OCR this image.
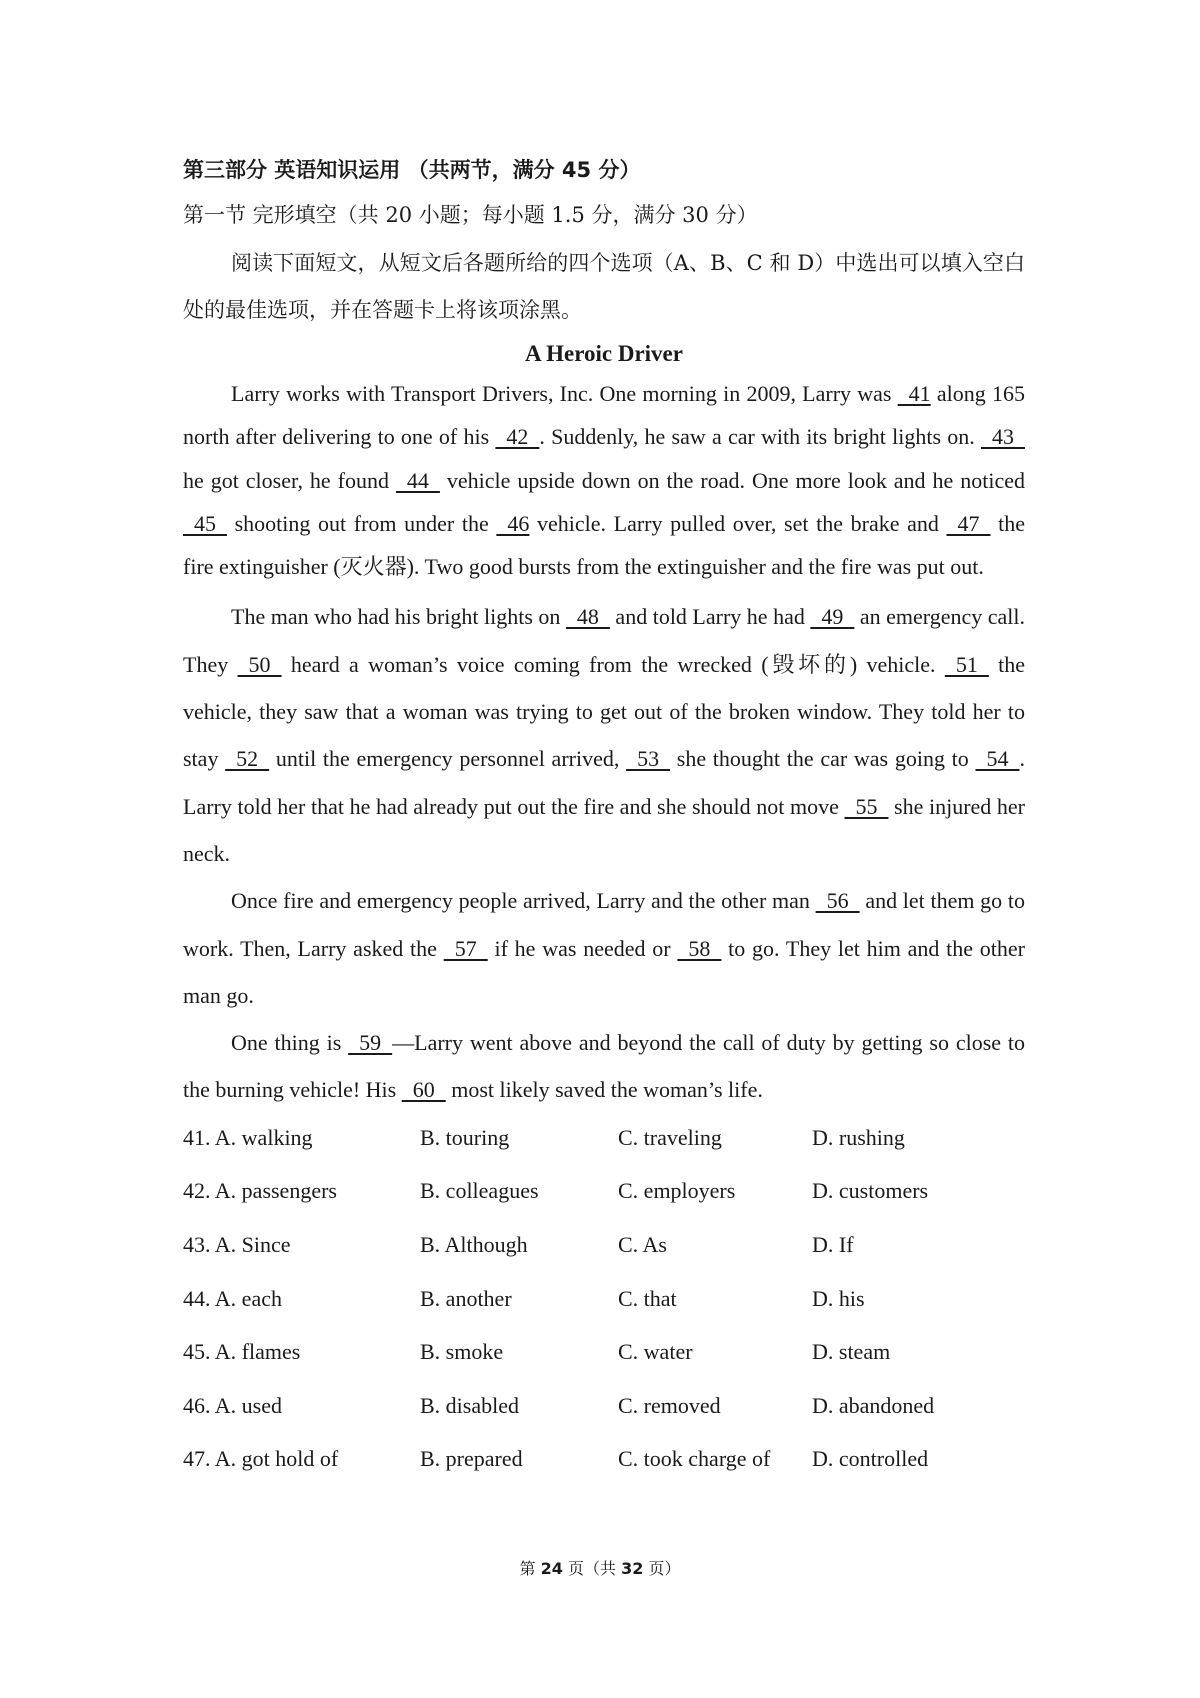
第三部分 英语知识运用 （共两节，满分 45 分）
第一节 完形填空（共 20 小题；每小题 1.5 分，满分 30 分）

阅读下面短文，从短文后各题所给的四个选项（A、B、C 和 D）中选出可以填入空白处的最佳选项，并在答题卡上将该项涂黑。

A Heroic Driver

Larry works with Transport Drivers, Inc. One morning in 2009, Larry was   41 along 165 north after delivering to one of his   42  . Suddenly, he saw a car with its bright lights on.   43   he got closer, he found   44   vehicle upside down on the road. One more look and he noticed   45   shooting out from under the   46 vehicle. Larry pulled over, set the brake and   47   the fire extinguisher (灭火器). Two good bursts from the extinguisher and the fire was put out.

The man who had his bright lights on   48   and told Larry he had   49   an emergency call. They   50   heard a woman’s voice coming from the wrecked (毁坏的) vehicle.   51   the vehicle, they saw that a woman was trying to get out of the broken window. They told her to stay   52   until the emergency personnel arrived,   53   she thought the car was going to   54  . Larry told her that he had already put out the fire and she should not move   55   she injured her neck.

Once fire and emergency people arrived, Larry and the other man   56   and let them go to work. Then, Larry asked the   57   if he was needed or   58   to go. They let him and the other man go.

One thing is   59  —Larry went above and beyond the call of duty by getting so close to the burning vehicle! His   60   most likely saved the woman’s life.

41. A. walking	B. touring	C. traveling	D. rushing
42. A. passengers	B. colleagues	C. employers	D. customers
43. A. Since	B. Although	C. As	D. If
44. A. each	B. another	C. that	D. his
45. A. flames	B. smoke	C. water	D. steam
46. A. used	B. disabled	C. removed	D. abandoned
47. A. got hold of	B. prepared	C. took charge of	D. controlled
第 24 页（共 32 页）
